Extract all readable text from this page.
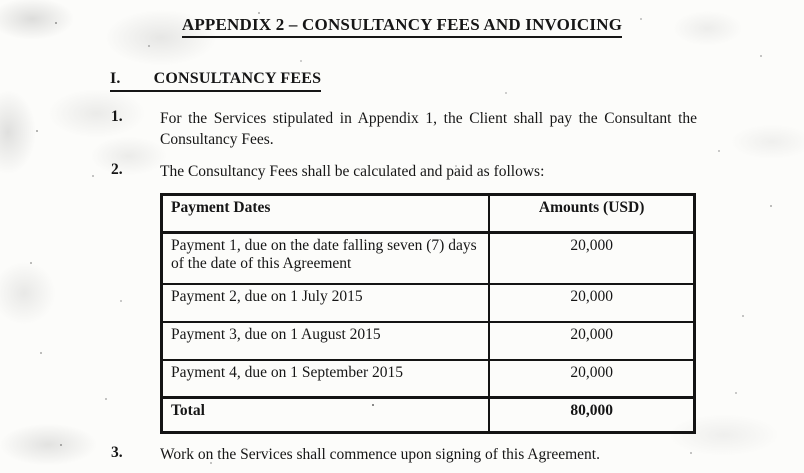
APPENDIX 2 – CONSULTANCY FEES AND INVOICING
I. CONSULTANCY FEES
1. For the Services stipulated in Appendix 1, the Client shall pay the Consultant the Consultancy Fees.
2. The Consultancy Fees shall be calculated and paid as follows:
Payment Dates	Amounts (USD)
Payment 1, due on the date falling seven (7) days of the date of this Agreement	20,000
Payment 2, due on 1 July 2015	20,000
Payment 3, due on 1 August 2015	20,000
Payment 4, due on 1 September 2015	20,000
Total	80,000
3. Work on the Services shall commence upon signing of this Agreement.
